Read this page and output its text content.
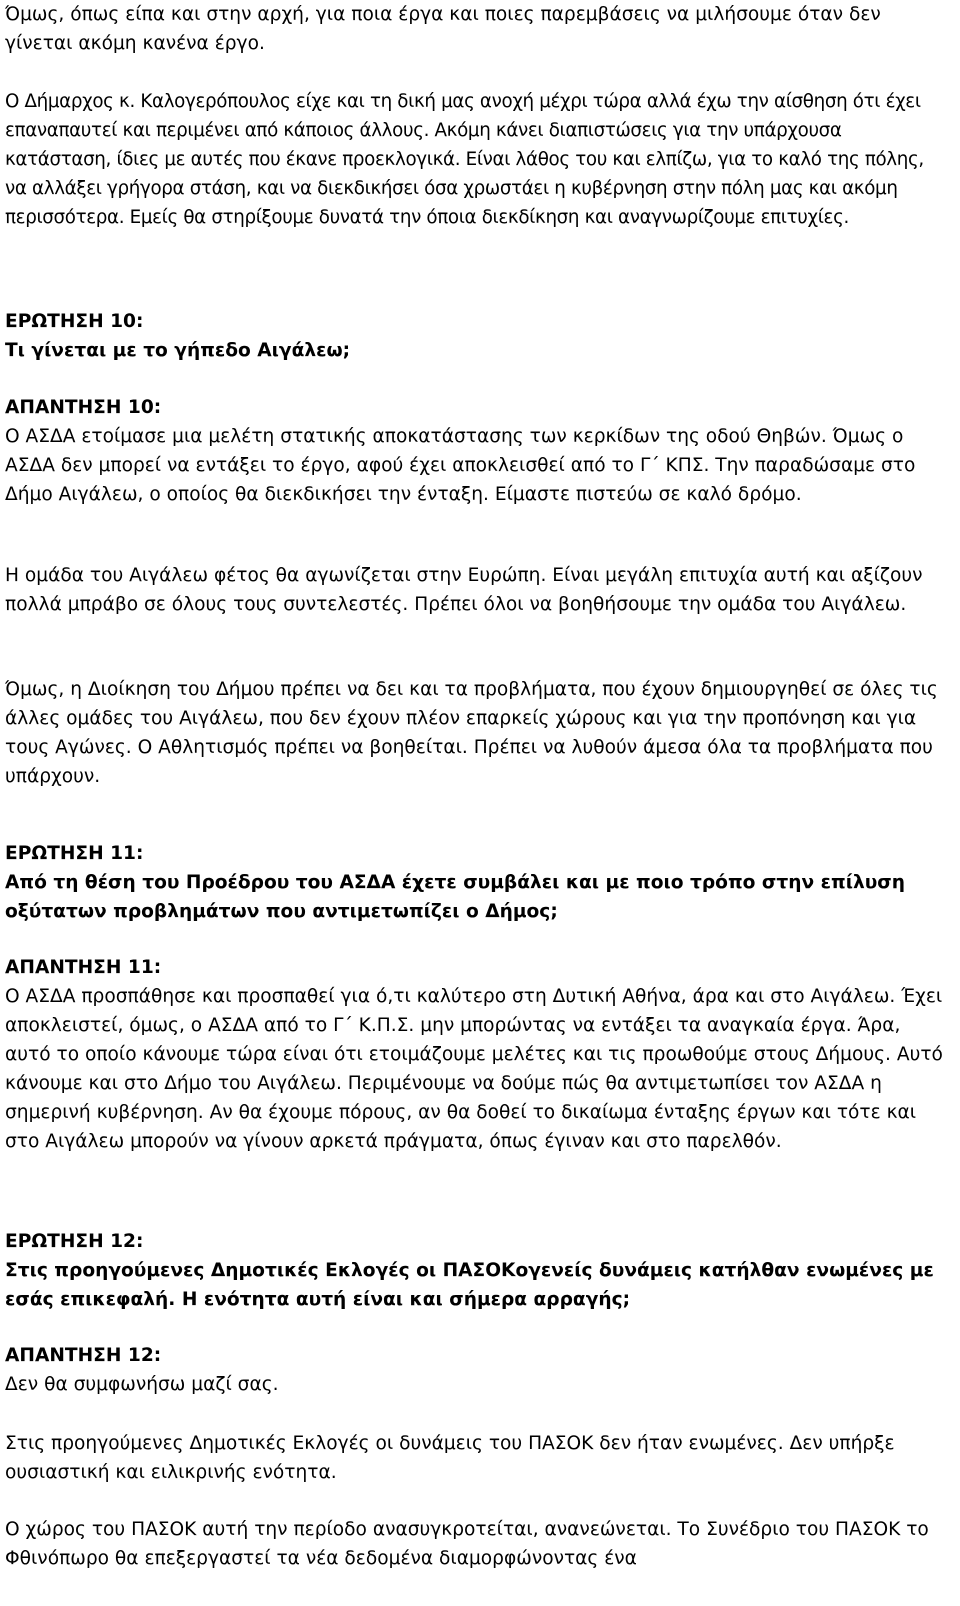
Όμως, όπως είπα και στην αρχή, για ποια έργα και ποιες παρεμβάσεις να μιλήσουμε όταν δεν γίνεται ακόμη κανένα έργο.

Ο Δήμαρχος κ. Καλογερόπουλος είχε και τη δική μας ανοχή μέχρι τώρα αλλά έχω την αίσθηση ότι έχει επαναπαυτεί και περιμένει από κάποιος άλλους. Ακόμη κάνει διαπιστώσεις για την υπάρχουσα κατάσταση, ίδιες με αυτές που έκανε προεκλογικά. Είναι λάθος του και ελπίζω, για το καλό της πόλης, να αλλάξει γρήγορα στάση, και να διεκδικήσει όσα χρωστάει η κυβέρνηση στην πόλη μας και ακόμη περισσότερα. Εμείς θα στηρίξουμε δυνατά την όποια διεκδίκηση και αναγνωρίζουμε επιτυχίες.

ΕΡΩΤΗΣΗ 10:
Τι γίνεται με το γήπεδο Αιγάλεω;
ΑΠΑΝΤΗΣΗ 10:
Ο ΑΣΔΑ ετοίμασε μια μελέτη στατικής αποκατάστασης των κερκίδων της οδού Θηβών. Όμως ο ΑΣΔΑ δεν μπορεί να εντάξει το έργο, αφού έχει αποκλεισθεί από το Γ΄ ΚΠΣ. Την παραδώσαμε στο Δήμο Αιγάλεω, ο οποίος θα διεκδικήσει την ένταξη. Είμαστε πιστεύω σε καλό δρόμο.

Η ομάδα του Αιγάλεω φέτος θα αγωνίζεται στην Ευρώπη. Είναι μεγάλη επιτυχία αυτή και αξίζουν πολλά μπράβο σε όλους τους συντελεστές. Πρέπει όλοι να βοηθήσουμε την ομάδα του Αιγάλεω.

Όμως, η Διοίκηση του Δήμου πρέπει να δει και τα προβλήματα, που έχουν δημιουργηθεί σε όλες τις άλλες ομάδες του Αιγάλεω, που δεν έχουν πλέον επαρκείς χώρους και για την προπόνηση και για τους Αγώνες. Ο Αθλητισμός πρέπει να βοηθείται. Πρέπει να λυθούν άμεσα όλα τα προβλήματα που υπάρχουν.

ΕΡΩΤΗΣΗ 11:
Από τη θέση του Προέδρου του ΑΣΔΑ έχετε συμβάλει και με ποιο τρόπο στην επίλυση οξύτατων προβλημάτων που αντιμετωπίζει ο Δήμος;
ΑΠΑΝΤΗΣΗ 11:
Ο ΑΣΔΑ προσπάθησε και προσπαθεί για ό,τι καλύτερο στη Δυτική Αθήνα, άρα και στο Αιγάλεω. Έχει αποκλειστεί, όμως, ο ΑΣΔΑ από το Γ΄ Κ.Π.Σ. μην μπορώντας να εντάξει τα αναγκαία έργα. Άρα, αυτό το οποίο κάνουμε τώρα είναι ότι ετοιμάζουμε μελέτες και τις προωθούμε στους Δήμους. Αυτό κάνουμε και στο Δήμο του Αιγάλεω. Περιμένουμε να δούμε πώς θα αντιμετωπίσει τον ΑΣΔΑ η σημερινή κυβέρνηση. Αν θα έχουμε πόρους, αν θα δοθεί το δικαίωμα ένταξης έργων και τότε και στο Αιγάλεω μπορούν να γίνουν αρκετά πράγματα, όπως έγιναν και στο παρελθόν.
ΕΡΩΤΗΣΗ 12:
Στις προηγούμενες Δημοτικές Εκλογές οι ΠΑΣΟΚογενείς δυνάμεις κατήλθαν ενωμένες με εσάς επικεφαλή. Η ενότητα αυτή είναι και σήμερα αρραγής;
ΑΠΑΝΤΗΣΗ 12:
Δεν θα συμφωνήσω μαζί σας.

Στις προηγούμενες Δημοτικές Εκλογές οι δυνάμεις του ΠΑΣΟΚ δεν ήταν ενωμένες. Δεν υπήρξε ουσιαστική και ειλικρινής ενότητα.

Ο χώρος του ΠΑΣΟΚ αυτή την περίοδο ανασυγκροτείται, ανανεώνεται. Το Συνέδριο του ΠΑΣΟΚ το Φθινόπωρο θα επεξεργαστεί τα νέα δεδομένα διαμορφώνοντας ένα
